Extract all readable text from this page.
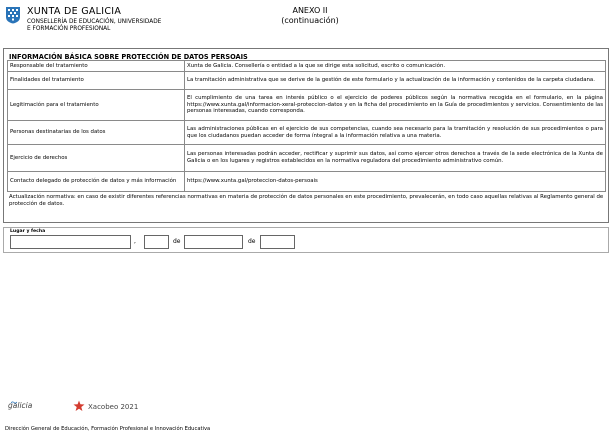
XUNTA DE GALICIA
CONSELLERÍA DE EDUCACIÓN, UNIVERSIDADE
E FORMACIÓN PROFESIONAL
ANEXO II
(continuación)
INFORMACIÓN BÁSICA SOBRE PROTECCIÓN DE DATOS PERSOAIS
Responsable del tratamiento	Xunta de Galicia. Consellería o entidad a la que se dirige esta solicitud, escrito o comunicación.
Finalidades del tratamiento	La tramitación administrativa que se derive de la gestión de este formulario y la actualización de la información y contenidos de la carpeta ciudadana.
Legitimación para el tratamiento	El cumplimiento de una tarea en interés público o el ejercicio de poderes públicos según la normativa recogida en el formulario, en la página https://www.xunta.gal/informacion-xeral-proteccion-datos y en la ficha del procedimiento en la Guía de procedimientos y servicios. Consentimiento de las personas interesadas, cuando corresponda.
Personas destinatarias de los datos	Las administraciones públicas en el ejercicio de sus competencias, cuando sea necesario para la tramitación y resolución de sus procedimientos o para que los ciudadanos puedan acceder de forma íntegral a la información relativa a una materia.
Ejercicio de derechos	Las personas interesadas podrán acceder, rectificar y suprimir sus datos, así como ejercer otros derechos a través de la sede electrónica de la Xunta de Galicia o en los lugares y registros establecidos en la normativa reguladora del procedimiento administrativo común.
Contacto delegado de protección de datos y más información	https://www.xunta.gal/proteccion-datos-persoais
Actualización normativa: en caso de existir diferentes referencias normativas en materia de protección de datos personales en este procedimiento, prevalecerán, en todo caso aquellas relativas al Reglamento general de protección de datos.
Lugar y fecha
,	de	de
galicia	Xacobeo 2021
Dirección General de Educación, Formación Profesional e Innovación Educativa
